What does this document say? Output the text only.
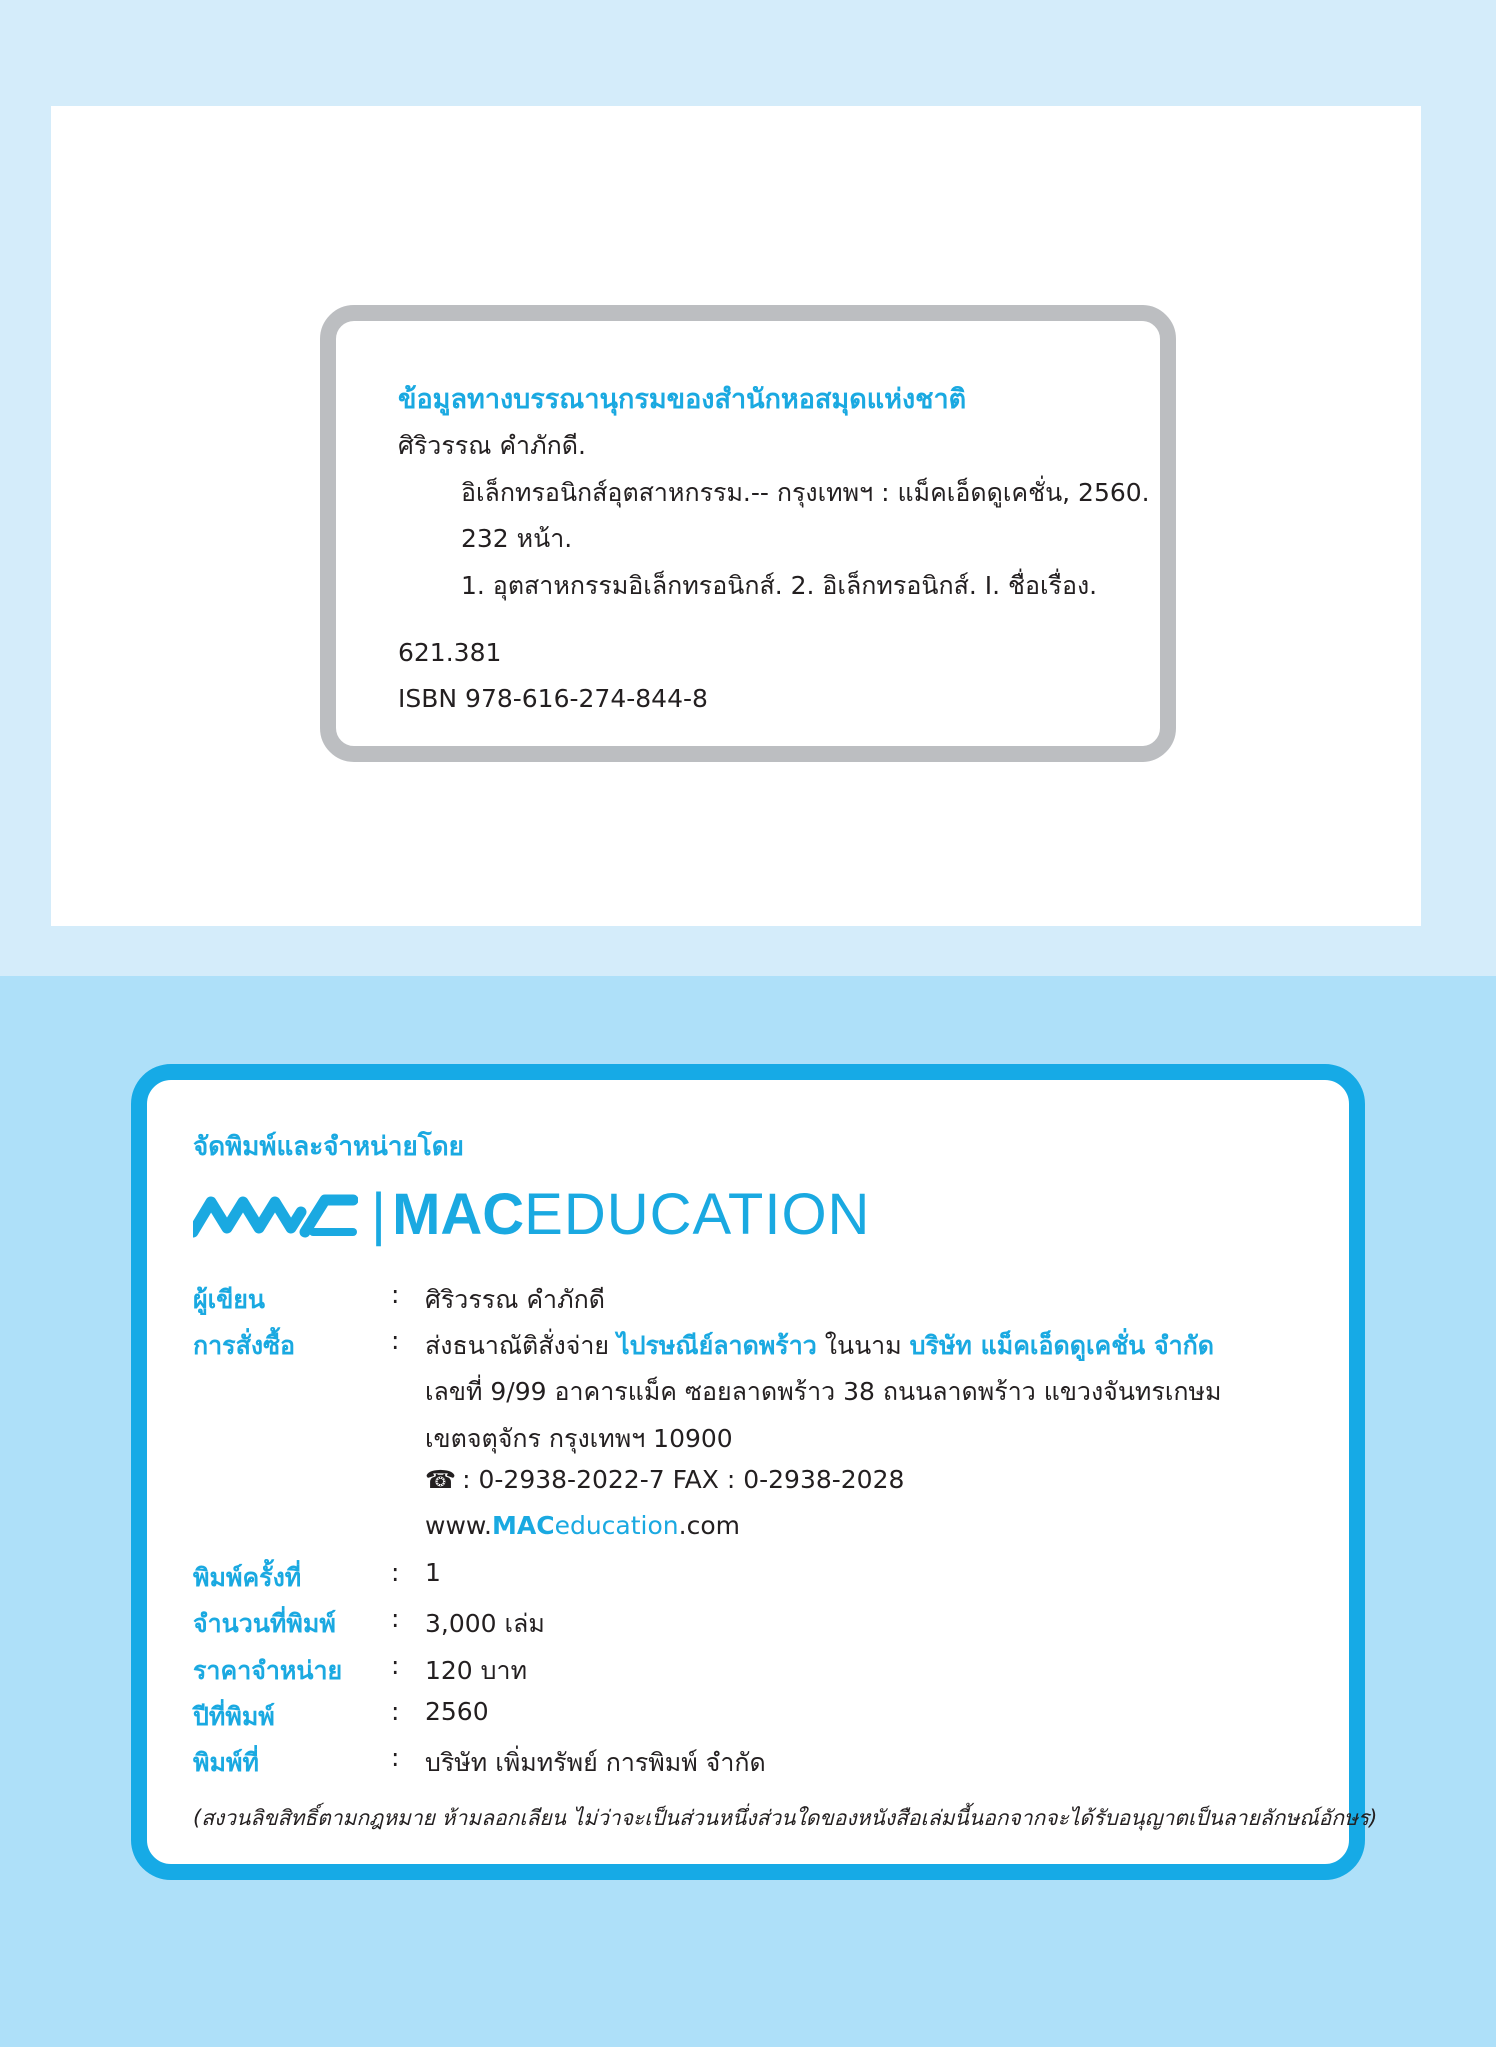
ข้อมูลทางบรรณานุกรมของสำนักหอสมุดแห่งชาติ
ศิริวรรณ คำภักดี.
อิเล็กทรอนิกส์อุตสาหกรรม.-- กรุงเทพฯ : แม็คเอ็ดดูเคชั่น, 2560.
232 หน้า.
1. อุตสาหกรรมอิเล็กทรอนิกส์. 2. อิเล็กทรอนิกส์. I. ชื่อเรื่อง.
621.381
ISBN 978-616-274-844-8
จัดพิมพ์และจำหน่ายโดย
| MACEDUCATION
ผู้เขียน	: ศิริวรรณ คำภักดี
การสั่งซื้อ	: ส่งธนาณัติสั่งจ่าย ไปรษณีย์ลาดพร้าว ในนาม บริษัท แม็คเอ็ดดูเคชั่น จำกัด
เลขที่ 9/99 อาคารแม็ค ซอยลาดพร้าว 38 ถนนลาดพร้าว แขวงจันทรเกษม
เขตจตุจักร กรุงเทพฯ 10900
☎ : 0-2938-2022-7 FAX : 0-2938-2028
www.MACeducation.com
พิมพ์ครั้งที่	: 1
จำนวนที่พิมพ์ : 3,000 เล่ม
ราคาจำหน่าย : 120 บาท
ปีที่พิมพ์	: 2560
พิมพ์ที่	: บริษัท เพิ่มทรัพย์ การพิมพ์ จำกัด
(สงวนลิขสิทธิ์ตามกฎหมาย ห้ามลอกเลียน ไม่ว่าจะเป็นส่วนหนึ่งส่วนใดของหนังสือเล่มนี้นอกจากจะได้รับอนุญาตเป็นลายลักษณ์อักษร)
